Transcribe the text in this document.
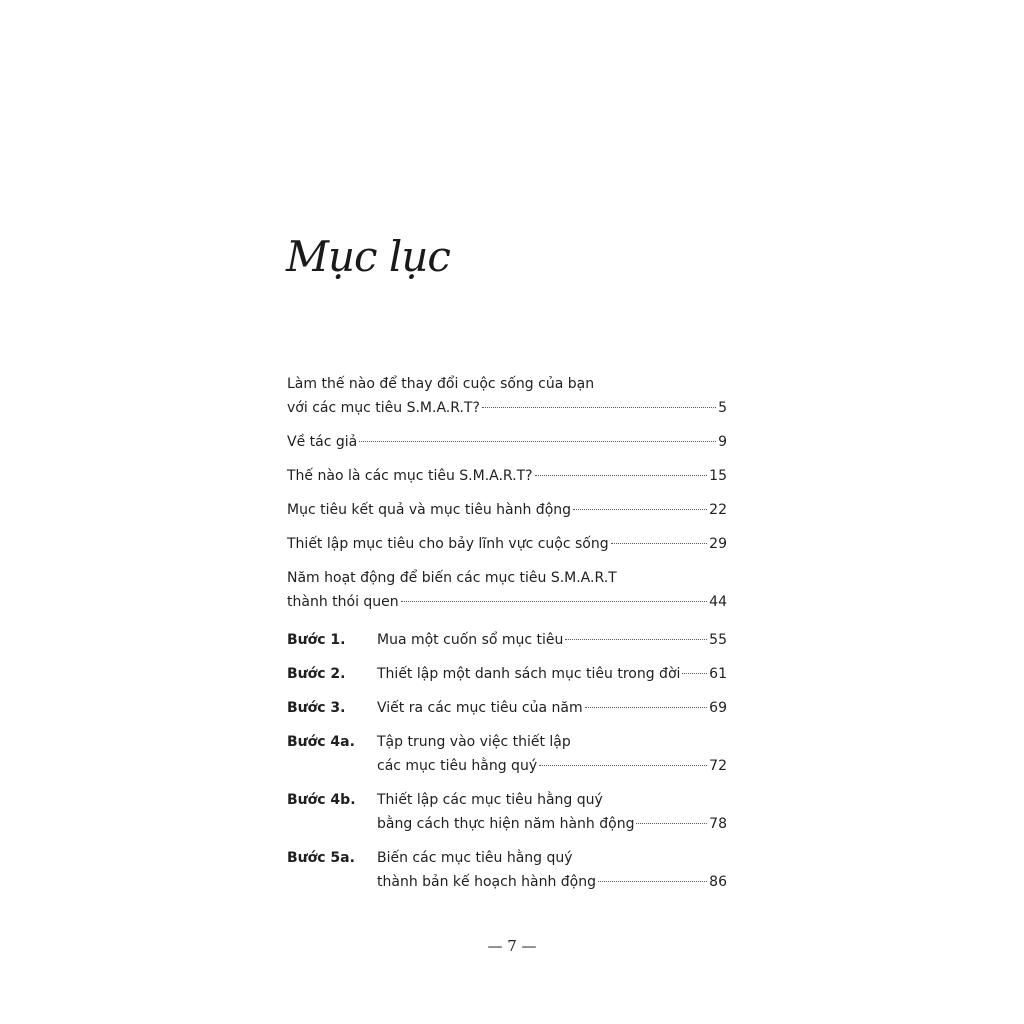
Mục lục
Làm thế nào để thay đổi cuộc sống của bạn
với các mục tiêu S.M.A.R.T?	5
Về tác giả	9
Thế nào là các mục tiêu S.M.A.R.T?	15
Mục tiêu kết quả và mục tiêu hành động	22
Thiết lập mục tiêu cho bảy lĩnh vực cuộc sống	29
Năm hoạt động để biến các mục tiêu S.M.A.R.T
thành thói quen	44
Bước 1.	Mua một cuốn sổ mục tiêu	55
Bước 2.	Thiết lập một danh sách mục tiêu trong đời 61
Bước 3.	Viết ra các mục tiêu của năm	69
Bước 4a.	Tập trung vào việc thiết lập
các mục tiêu hằng quý	72
Bước 4b.	Thiết lập các mục tiêu hằng quý
bằng cách thực hiện năm hành động	78
Bước 5a.	Biến các mục tiêu hằng quý
thành bản kế hoạch hành động	86
— 7 —
